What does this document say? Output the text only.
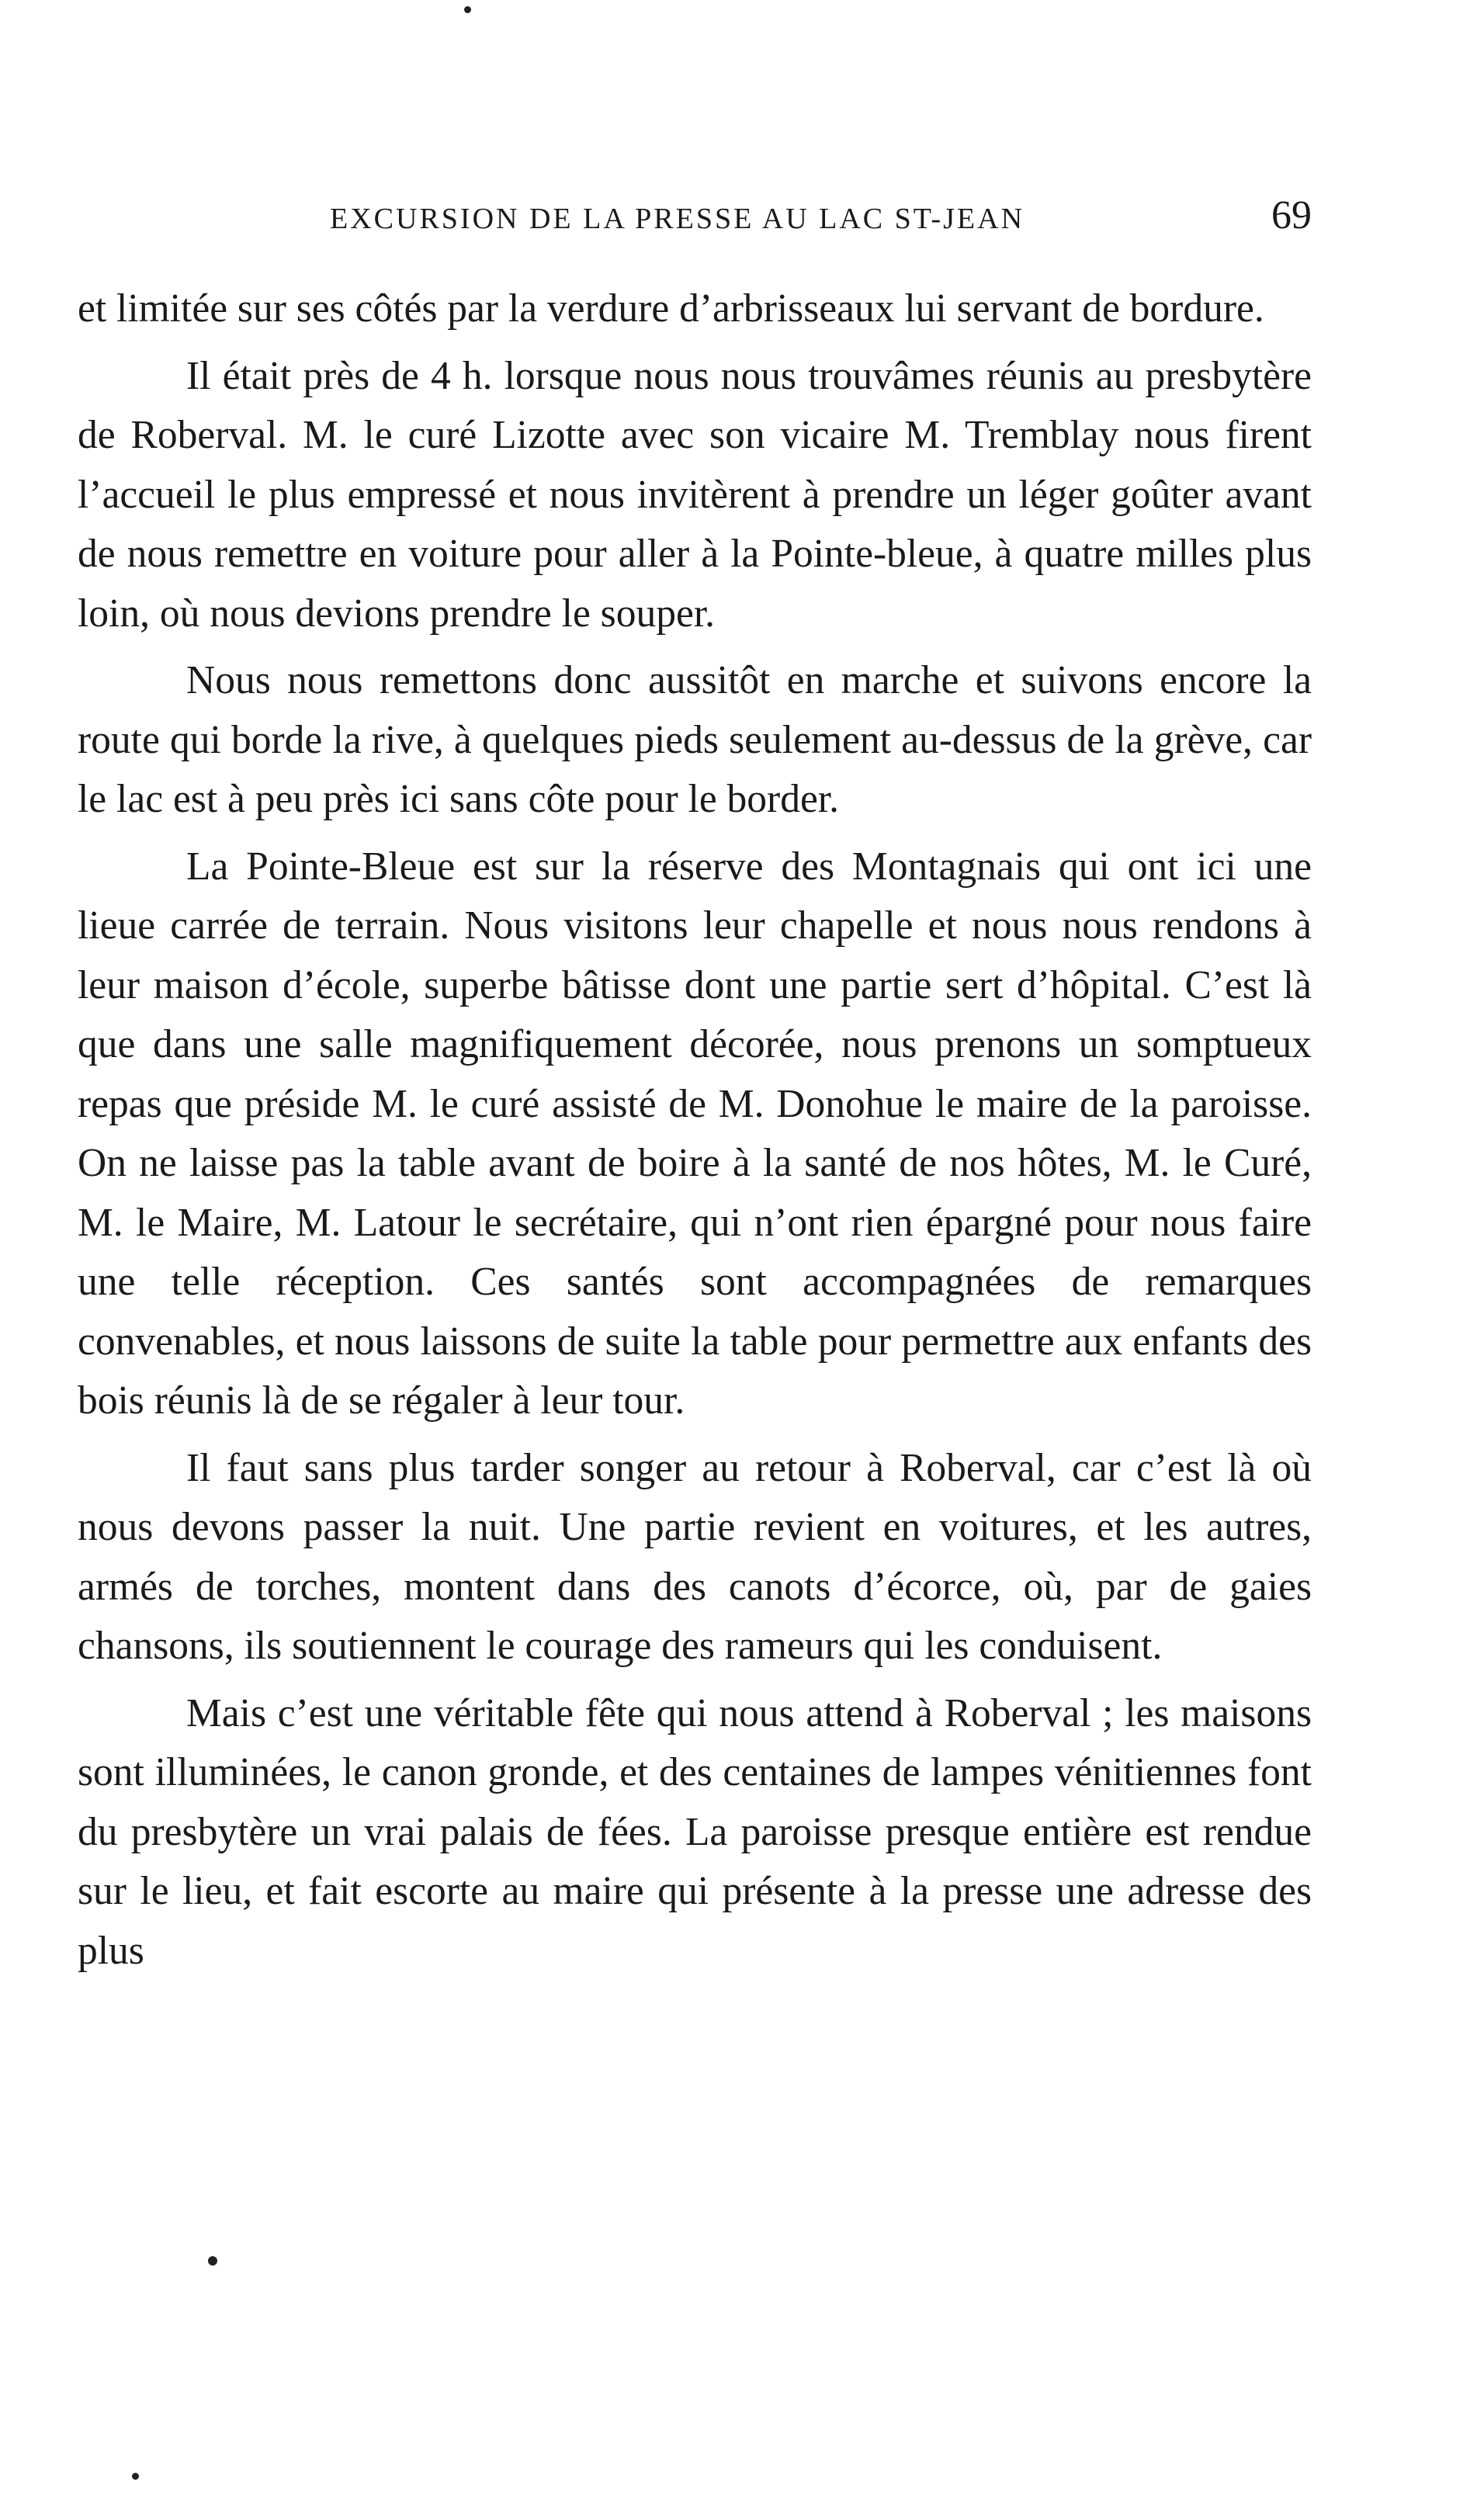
EXCURSION DE LA PRESSE AU LAC ST-JEAN	69

et limitée sur ses côtés par la verdure d’arbrisseaux lui servant de bordure.

Il était près de 4 h. lorsque nous nous trouvâmes réunis au presbytère de Roberval. M. le curé Lizotte avec son vicaire M. Tremblay nous firent l’accueil le plus empressé et nous invitèrent à prendre un léger goûter avant de nous remettre en voiture pour aller à la Pointe-bleue, à quatre milles plus loin, où nous devions prendre le souper.

Nous nous remettons donc aussitôt en marche et suivons encore la route qui borde la rive, à quelques pieds seulement au-dessus de la grève, car le lac est à peu près ici sans côte pour le border.

La Pointe-Bleue est sur la réserve des Montagnais qui ont ici une lieue carrée de terrain. Nous visitons leur chapelle et nous nous rendons à leur maison d’école, superbe bâtisse dont une partie sert d’hôpital. C’est là que dans une salle magnifiquement décorée, nous prenons un somptueux repas que préside M. le curé assisté de M. Donohue le maire de la paroisse. On ne laisse pas la table avant de boire à la santé de nos hôtes, M. le Curé, M. le Maire, M. Latour le secrétaire, qui n’ont rien épargné pour nous faire une telle réception. Ces santés sont accompagnées de remarques convenables, et nous laissons de suite la table pour permettre aux enfants des bois réunis là de se régaler à leur tour.

Il faut sans plus tarder songer au retour à Roberval, car c’est là où nous devons passer la nuit. Une partie revient en voitures, et les autres, armés de torches, montent dans des canots d’écorce, où, par de gaies chansons, ils soutiennent le courage des rameurs qui les conduisent.

Mais c’est une véritable fête qui nous attend à Roberval ; les maisons sont illuminées, le canon gronde, et des centaines de lampes vénitiennes font du presbytère un vrai palais de fées. La paroisse presque entière est rendue sur le lieu, et fait escorte au maire qui présente à la presse une adresse des plus
